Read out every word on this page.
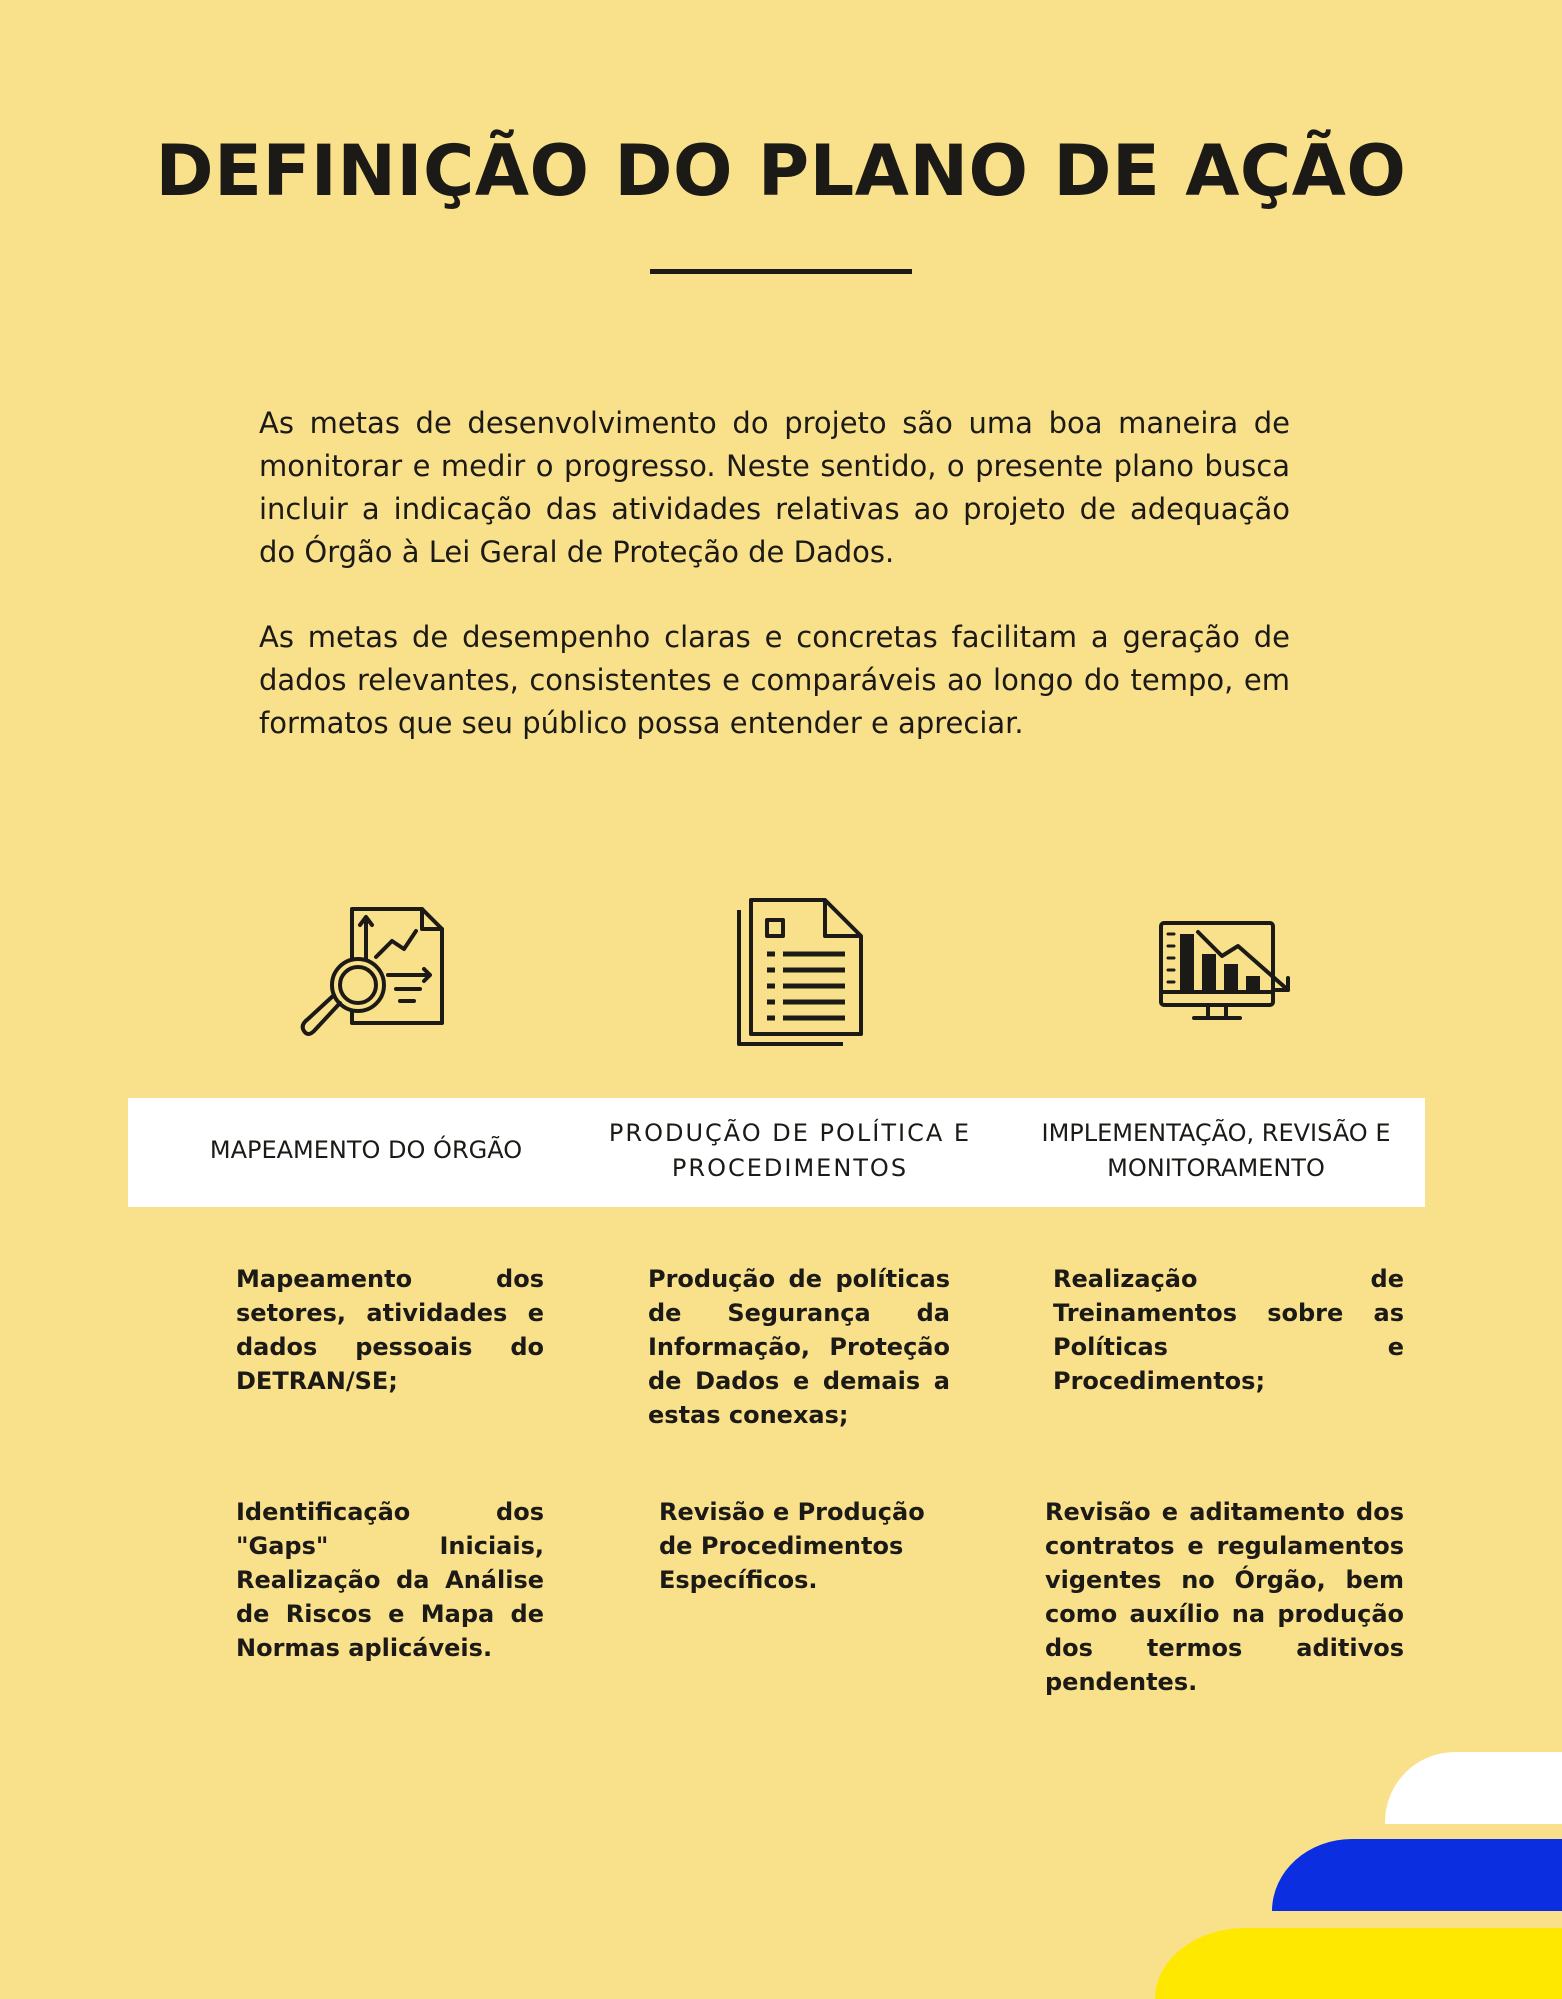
DEFINIÇÃO DO PLANO DE AÇÃO

As metas de desenvolvimento do projeto são uma boa maneira de monitorar e medir o progresso. Neste sentido, o presente plano busca incluir a indicação das atividades relativas ao projeto de adequação do Órgão à Lei Geral de Proteção de Dados.

As metas de desempenho claras e concretas facilitam a geração de dados relevantes, consistentes e comparáveis ao longo do tempo, em formatos que seu público possa entender e apreciar.

MAPEAMENTO DO ÓRGÃO
PRODUÇÃO DE POLÍTICA E PROCEDIMENTOS
IMPLEMENTAÇÃO, REVISÃO E MONITORAMENTO

Mapeamento dos setores, atividades e dados pessoais do DETRAN/SE;

Produção de políticas de Segurança da Informação, Proteção de Dados e demais a estas conexas;

Realização de Treinamentos sobre as Políticas e Procedimentos;

Identificação dos "Gaps" Iniciais, Realização da Análise de Riscos e Mapa de Normas aplicáveis.

Revisão e Produção de Procedimentos Específicos.

Revisão e aditamento dos contratos e regulamentos vigentes no Órgão, bem como auxílio na produção dos termos aditivos pendentes.
